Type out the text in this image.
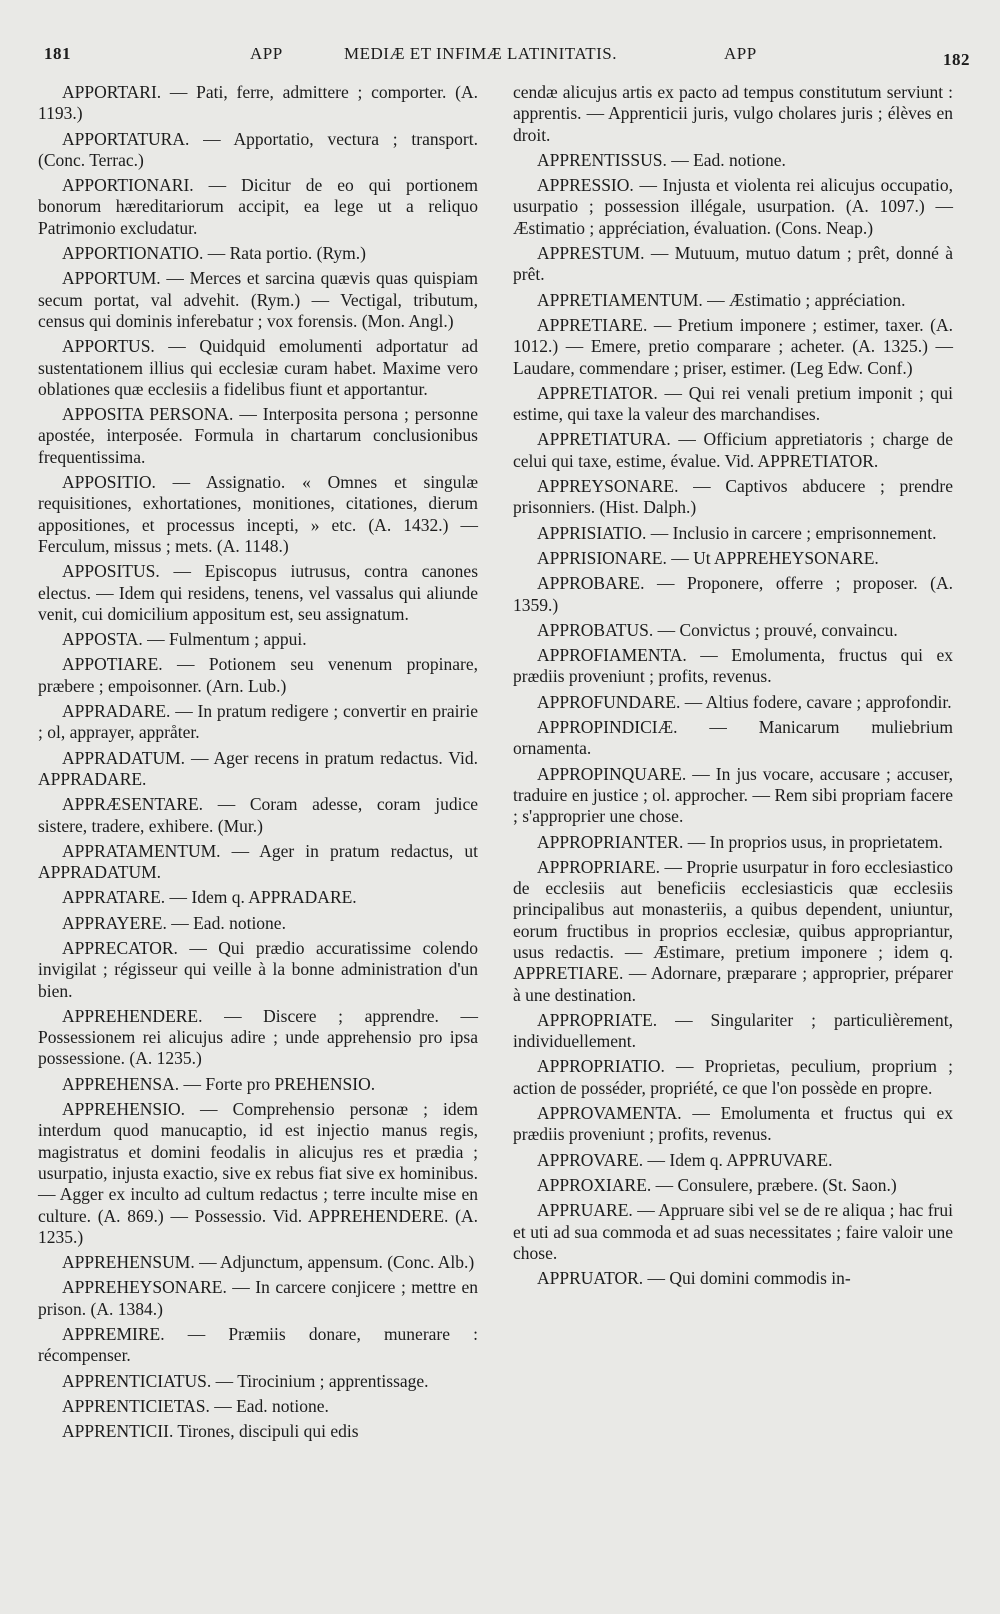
181	APP	MEDIÆ ET INFIMÆ LATINITATIS.	APP	182

APPORTARI. — Pati, ferre, admittere ; comporter. (A. 1193.)

APPORTATURA. — Apportatio, vectura ; transport. (Conc. Terrac.)

APPORTIONARI. — Dicitur de eo qui portionem bonorum hæreditariorum accipit, ea lege ut a reliquo Patrimonio excludatur.

APPORTIONATIO. — Rata portio. (Rym.)

APPORTUM. — Merces et sarcina quævis quas quispiam secum portat, val advehit. (Rym.) — Vectigal, tributum, census qui dominis inferebatur ; vox forensis. (Mon. Angl.)

APPORTUS. — Quidquid emolumenti adportatur ad sustentationem illius qui ecclesiæ curam habet. Maxime vero oblationes quæ ecclesiis a fidelibus fiunt et apportantur.

APPOSITA PERSONA. — Interposita persona ; personne apostée, interposée. Formula in chartarum conclusionibus frequentissima.

APPOSITIO. — Assignatio. « Omnes et singulæ requisitiones, exhortationes, monitiones, citationes, dierum appositiones, et processus incepti, » etc. (A. 1432.) — Ferculum, missus ; mets. (A. 1148.)

APPOSITUS. — Episcopus iutrusus, contra canones electus. — Idem qui residens, tenens, vel vassalus qui aliunde venit, cui domicilium appositum est, seu assignatum.

APPOSTA. — Fulmentum ; appui.

APPOTIARE. — Potionem seu venenum propinare, præbere ; empoisonner. (Arn. Lub.)

APPRADARE. — In pratum redigere ; convertir en prairie ; ol, apprayer, appråter.

APPRADATUM. — Ager recens in pratum redactus. Vid. APPRADARE.

APPRÆSENTARE. — Coram adesse, coram judice sistere, tradere, exhibere. (Mur.)

APPRATAMENTUM. — Ager in pratum redactus, ut APPRADATUM.

APPRATARE. — Idem q. APPRADARE.

APPRAYERE. — Ead. notione.

APPRECATOR. — Qui prædio accuratissime colendo invigilat ; régisseur qui veille à la bonne administration d'un bien.

APPREHENDERE. — Discere ; apprendre. — Possessionem rei alicujus adire ; unde apprehensio pro ipsa possessione. (A. 1235.)

APPREHENSA. — Forte pro PREHENSIO.

APPREHENSIO. — Comprehensio personæ ; idem interdum quod manucaptio, id est injectio manus regis, magistratus et domini feodalis in alicujus res et prædia ; usurpatio, injusta exactio, sive ex rebus fiat sive ex hominibus. — Agger ex inculto ad cultum redactus ; terre inculte mise en culture. (A. 869.) — Possessio. Vid. APPREHENDERE. (A. 1235.)

APPREHENSUM. — Adjunctum, appensum. (Conc. Alb.)

APPREHEYSONARE. — In carcere conjicere ; mettre en prison. (A. 1384.)

APPREMIRE. — Præmiis donare, munerare : récompenser.

APPRENTICIATUS. — Tirocinium ; apprentissage.

APPRENTICIETAS. — Ead. notione.

APPRENTICII. Tirones, discipuli qui edis

cendæ alicujus artis ex pacto ad tempus constitutum serviunt : apprentis. — Apprenticii juris, vulgo cholares juris ; élèves en droit.

APPRENTISSUS. — Ead. notione.

APPRESSIO. — Injusta et violenta rei alicujus occupatio, usurpatio ; possession illégale, usurpation. (A. 1097.) — Æstimatio ; appréciation, évaluation. (Cons. Neap.)

APPRESTUM. — Mutuum, mutuo datum ; prêt, donné à prêt.

APPRETIAMENTUM. — Æstimatio ; appréciation.

APPRETIARE. — Pretium imponere ; estimer, taxer. (A. 1012.) — Emere, pretio comparare ; acheter. (A. 1325.) — Laudare, commendare ; priser, estimer. (Leg Edw. Conf.)

APPRETIATOR. — Qui rei venali pretium imponit ; qui estime, qui taxe la valeur des marchandises.

APPRETIATURA. — Officium appretiatoris ; charge de celui qui taxe, estime, évalue. Vid. APPRETIATOR.

APPREYSONARE. — Captivos abducere ; prendre prisonniers. (Hist. Dalph.)

APPRISIATIO. — Inclusio in carcere ; emprisonnement.

APPRISIONARE. — Ut APPREHEYSONARE.

APPROBARE. — Proponere, offerre ; proposer. (A. 1359.)

APPROBATUS. — Convictus ; prouvé, convaincu.

APPROFIAMENTA. — Emolumenta, fructus qui ex prædiis proveniunt ; profits, revenus.

APPROFUNDARE. — Altius fodere, cavare ; approfondir.

APPROPINDICIÆ. — Manicarum muliebrium ornamenta.

APPROPINQUARE. — In jus vocare, accusare ; accuser, traduire en justice ; ol. approcher. — Rem sibi propriam facere ; s'approprier une chose.

APPROPRIANTER. — In proprios usus, in proprietatem.

APPROPRIARE. — Proprie usurpatur in foro ecclesiastico de ecclesiis aut beneficiis ecclesiasticis quæ ecclesiis principalibus aut monasteriis, a quibus dependent, uniuntur, eorum fructibus in proprios ecclesiæ, quibus appropriantur, usus redactis. — Æstimare, pretium imponere ; idem q. APPRETIARE. — Adornare, præparare ; approprier, préparer à une destination.

APPROPRIATE. — Singulariter ; particulièrement, individuellement.

APPROPRIATIO. — Proprietas, peculium, proprium ; action de posséder, propriété, ce que l'on possède en propre.

APPROVAMENTA. — Emolumenta et fructus qui ex prædiis proveniunt ; profits, revenus.

APPROVARE. — Idem q. APPRUVARE.

APPROXIARE. — Consulere, præbere. (St. Saon.)

APPRUARE. — Appruare sibi vel se de re aliqua ; hac frui et uti ad sua commoda et ad suas necessitates ; faire valoir une chose.

APPRUATOR. — Qui domini commodis in-
